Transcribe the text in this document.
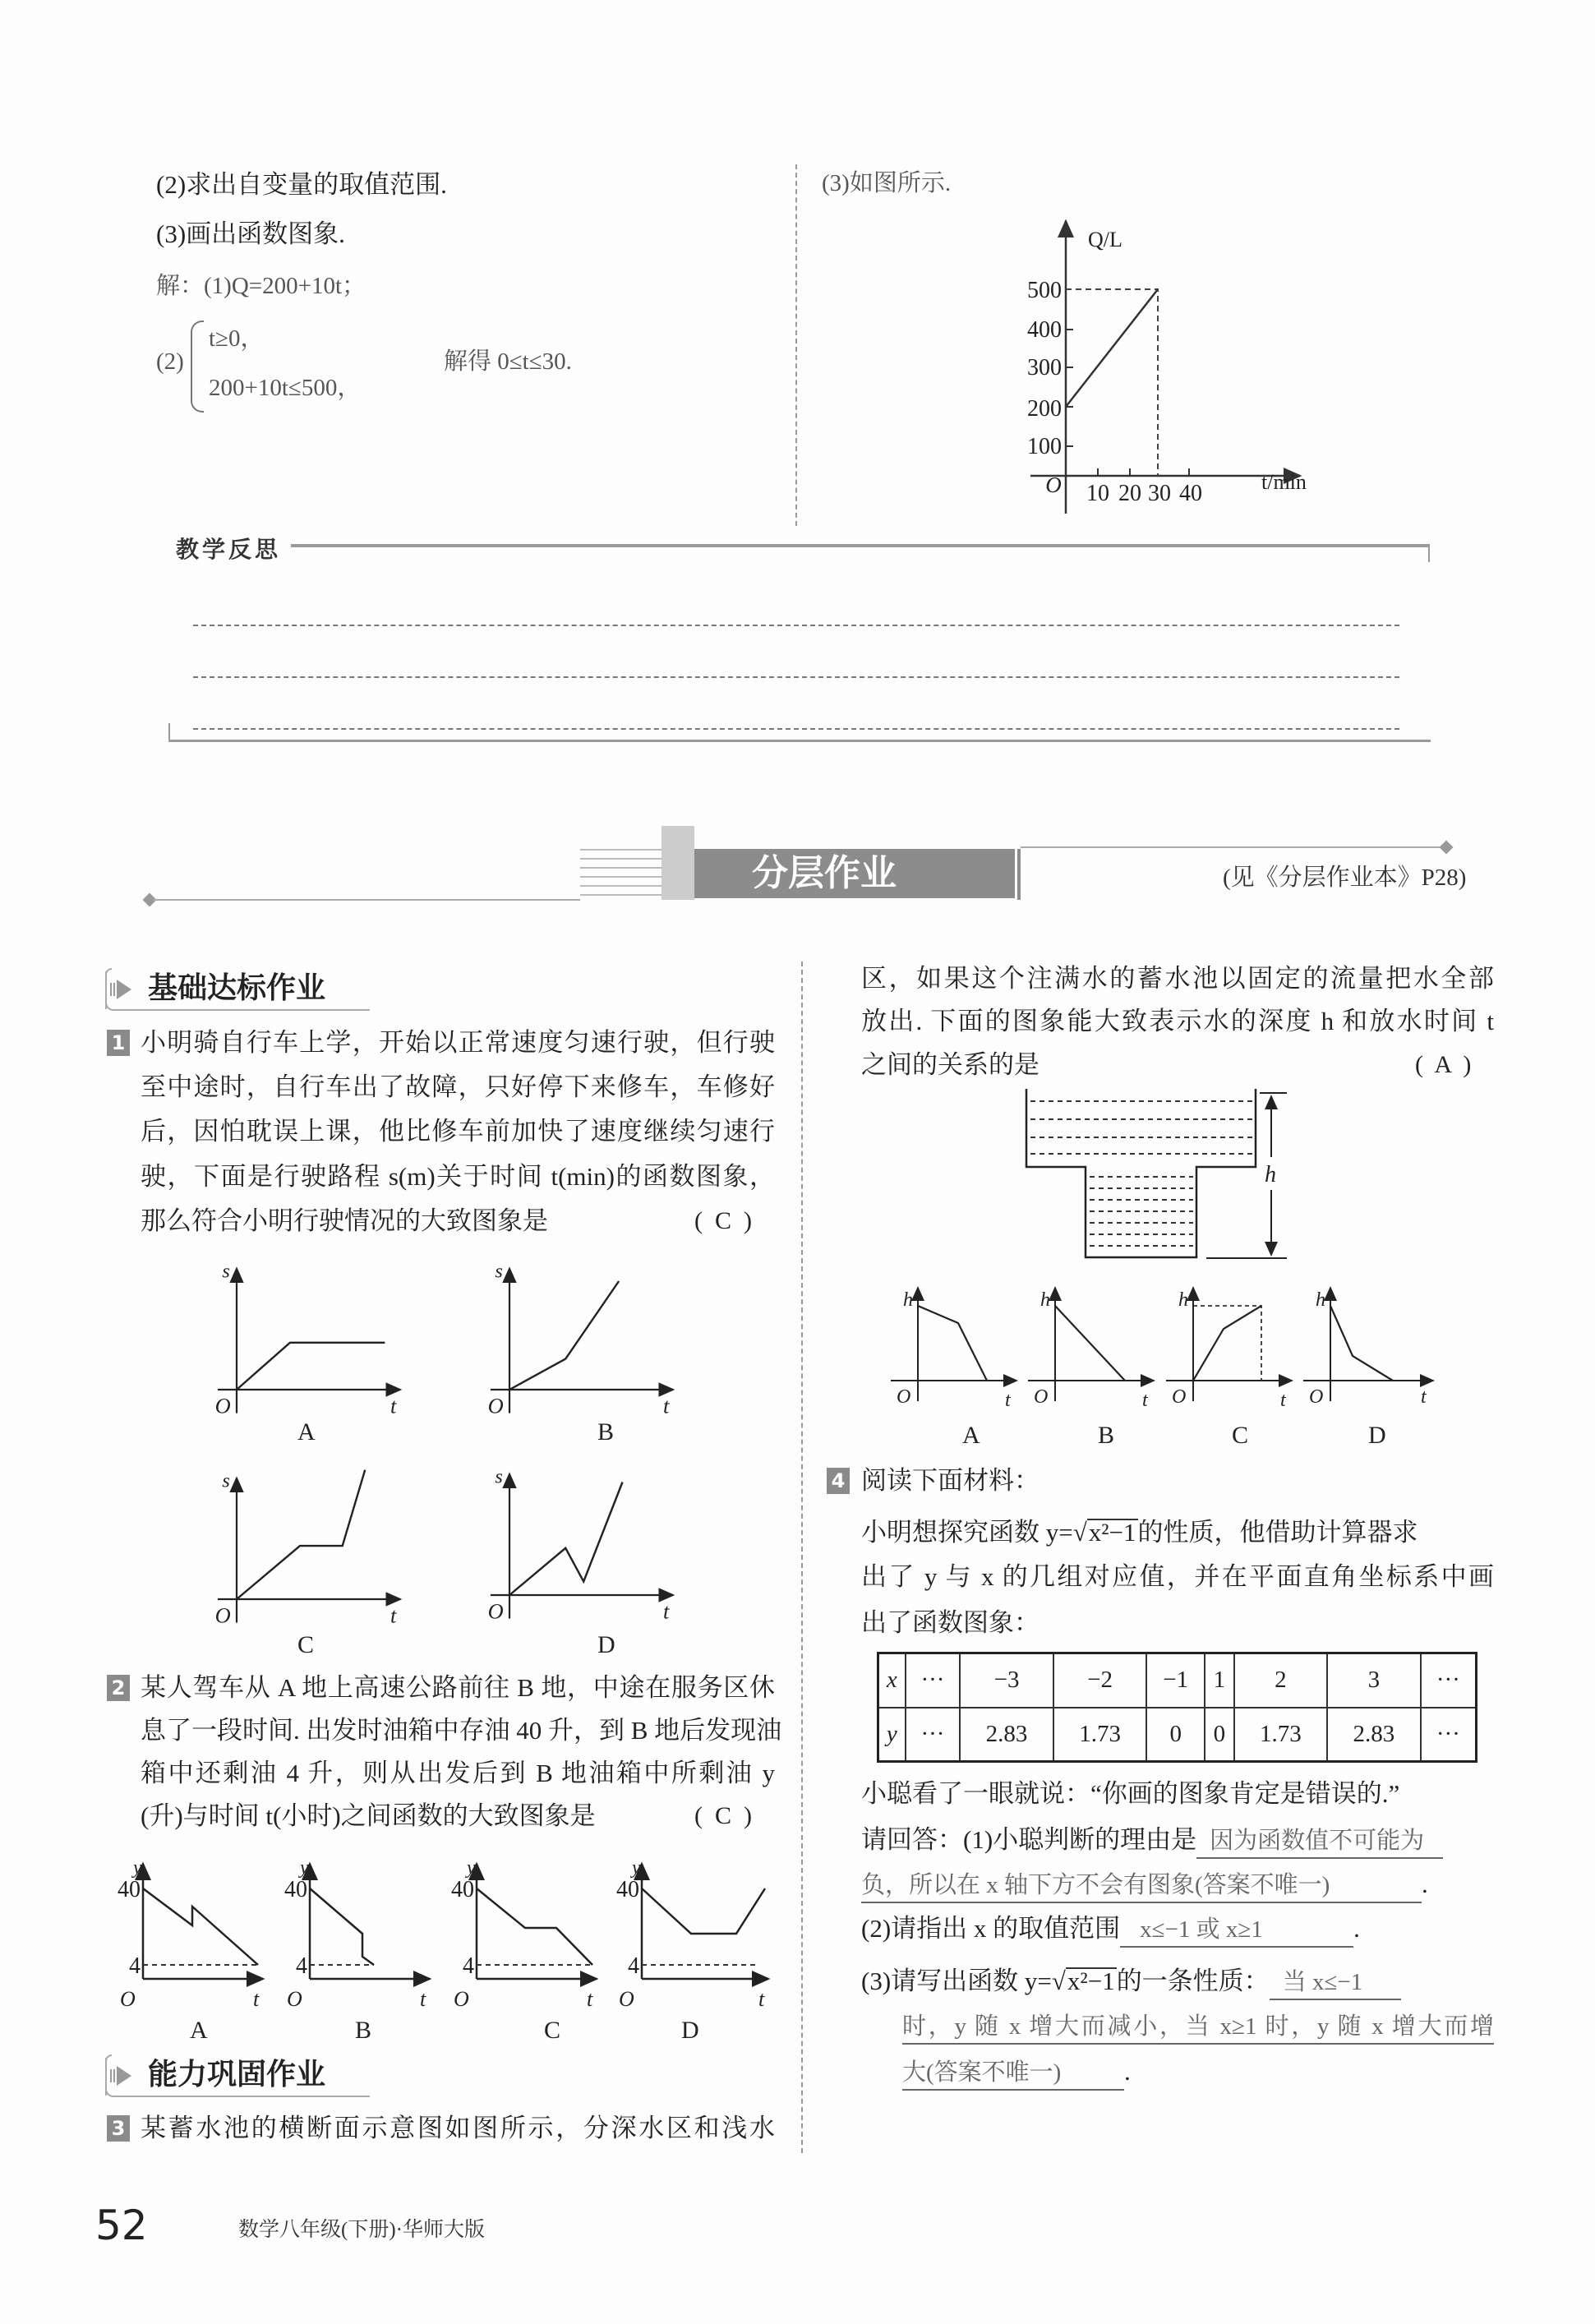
(2)求出自变量的取值范围.
(3)画出函数图象.
解：(1)Q=200+10t；
(2)
t≥0，
200+10t≤500，
解得 0≤t≤30.
(3)如图所示.
Q/L
t/min
O
100
200
300
400
500
10 20 30 40
教学反思
分层作业	(见《分层作业本》P28)
基础达标作业
1 小明骑自行车上学，开始以正常速度匀速行驶，但行驶
至中途时，自行车出了故障，只好停下来修车，车修好
后，因怕耽误上课，他比修车前加快了速度继续匀速行
驶，下面是行驶路程 s(m)关于时间 t(min)的函数图象，
那么符合小明行驶情况的大致图象是	(  C  )
s
O	t
s
O	t
s
O	t
s
O	t
A	B
C	D
2 某人驾车从 A 地上高速公路前往 B 地，中途在服务区休
息了一段时间. 出发时油箱中存油 40 升，到 B 地后发现油
箱中还剩油 4 升，则从出发后到 B 地油箱中所剩油 y
(升)与时间 t(小时)之间函数的大致图象是	(  C  )
y
40
4
O	t
y
40
4
O	t
y
40
4
O	t
y
40
4
O	t
A	B	C	D
能力巩固作业
3 某蓄水池的横断面示意图如图所示，分深水区和浅水
区，如果这个注满水的蓄水池以固定的流量把水全部
放出. 下面的图象能大致表示水的深度 h 和放水时间 t
之间的关系的是	(  A  )
h
h
O	t
h
O	t
h
O	t
h
O	t
A	B	C	D
4 阅读下面材料：
小明想探究函数 y=√x²−1的性质，他借助计算器求
出了 y 与 x 的几组对应值，并在平面直角坐标系中画
出了函数图象：
x	···	−3	−2	−1	1	2	3	···
y	···	2.83	1.73	0	0	1.73	2.83	···
小聪看了一眼就说：“你画的图象肯定是错误的.”
请回答：(1)小聪判断的理由是 因为函数值不可能为
负，所以在 x 轴下方不会有图象(答案不唯一)	.
(2)请指出 x 的取值范围 x≤−1 或 x≥1	.
(3)请写出函数 y=√x²−1的一条性质： 当 x≤−1
时，y 随 x 增大而减小，当 x≥1 时，y 随 x 增大而增
大(答案不唯一) .
52	数学八年级(下册)·华师大版
